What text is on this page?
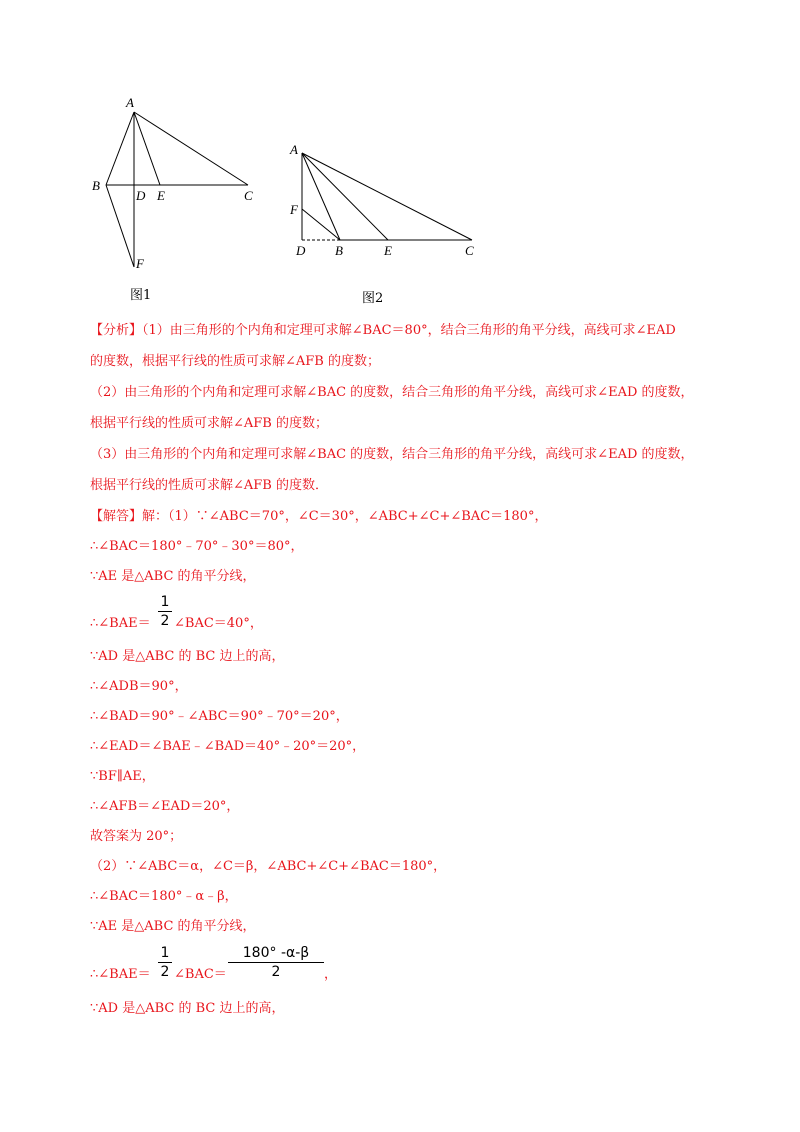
A
B
D E	C
F
图1
A
F
D B	E	C
图2
【分析】（1）由三角形的个内角和定理可求解∠BAC＝80°，结合三角形的角平分线，高线可求∠EAD
的度数，根据平行线的性质可求解∠AFB 的度数；
（2）由三角形的个内角和定理可求解∠BAC 的度数，结合三角形的角平分线，高线可求∠EAD 的度数，
根据平行线的性质可求解∠AFB 的度数；
（3）由三角形的个内角和定理可求解∠BAC 的度数，结合三角形的角平分线，高线可求∠EAD 的度数，
根据平行线的性质可求解∠AFB 的度数．
【解答】解：（1）∵∠ABC＝70°，∠C＝30°，∠ABC+∠C+∠BAC＝180°，
∴∠BAC＝180°﹣70°﹣30°＝80°，
∵AE 是△ABC 的角平分线，
∴∠BAE＝
1
2 ∠BAC＝40°，
∵AD 是△ABC 的 BC 边上的高，
∴∠ADB＝90°，
∴∠BAD＝90°﹣∠ABC＝90°﹣70°＝20°，
∴∠EAD＝∠BAE﹣∠BAD＝40°﹣20°＝20°，
∵BF∥AE，
∴∠AFB＝∠EAD＝20°，
故答案为 20°；
（2）∵∠ABC＝α，∠C＝β，∠ABC+∠C+∠BAC＝180°，
∴∠BAC＝180°﹣α﹣β，
∵AE 是△ABC 的角平分线，
∴∠BAE＝
1
2 ∠BAC＝
180° -α-β
2	，
∵AD 是△ABC 的 BC 边上的高，
